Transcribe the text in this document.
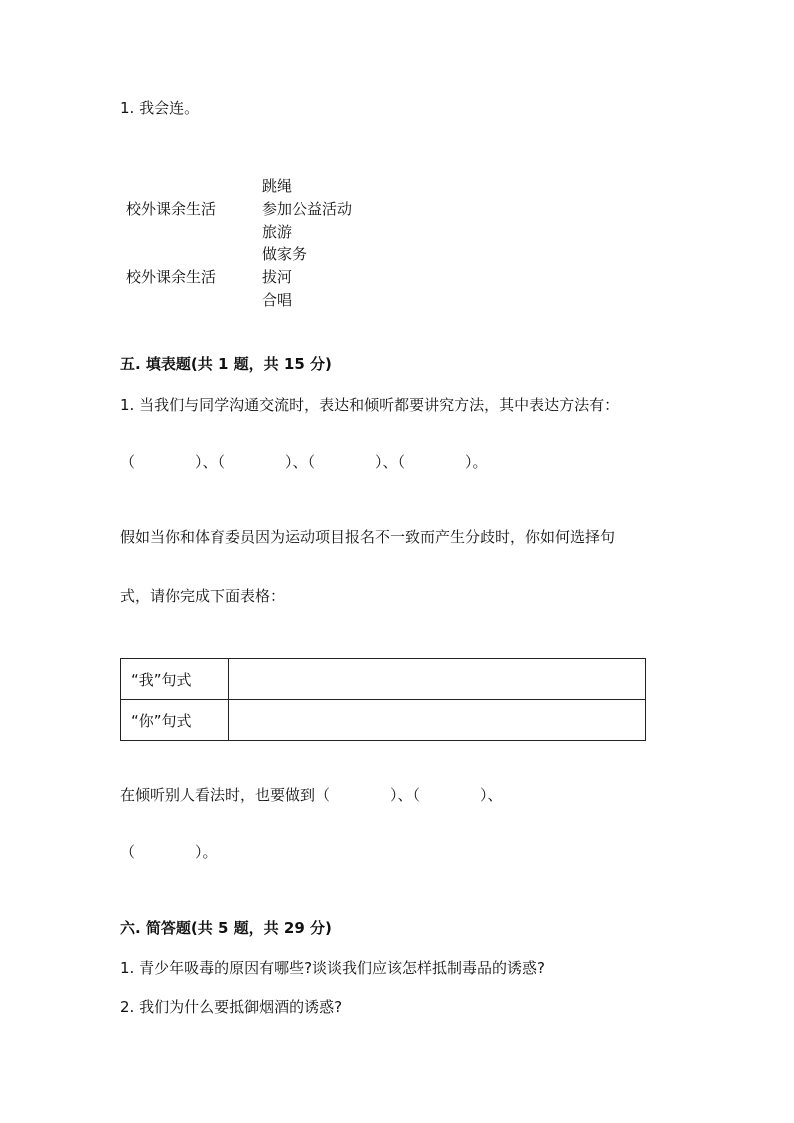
1. 我会连。
校外课余生活
校外课余生活
跳绳
参加公益活动
旅游
做家务
拔河
合唱
五. 填表题(共 1 题，共 15 分)
1. 当我们与同学沟通交流时，表达和倾听都要讲究方法，其中表达方法有：
（　　　　）、（　　　　）、（　　　　）、（　　　　）。
假如当你和体育委员因为运动项目报名不一致而产生分歧时，你如何选择句
式，请你完成下面表格：
“我”句式	
“你”句式	
在倾听别人看法时，也要做到（　　　　）、（　　　　）、
（　　　　）。
六. 简答题(共 5 题，共 29 分)
1. 青少年吸毒的原因有哪些?谈谈我们应该怎样抵制毒品的诱惑?
2. 我们为什么要抵御烟酒的诱惑?
